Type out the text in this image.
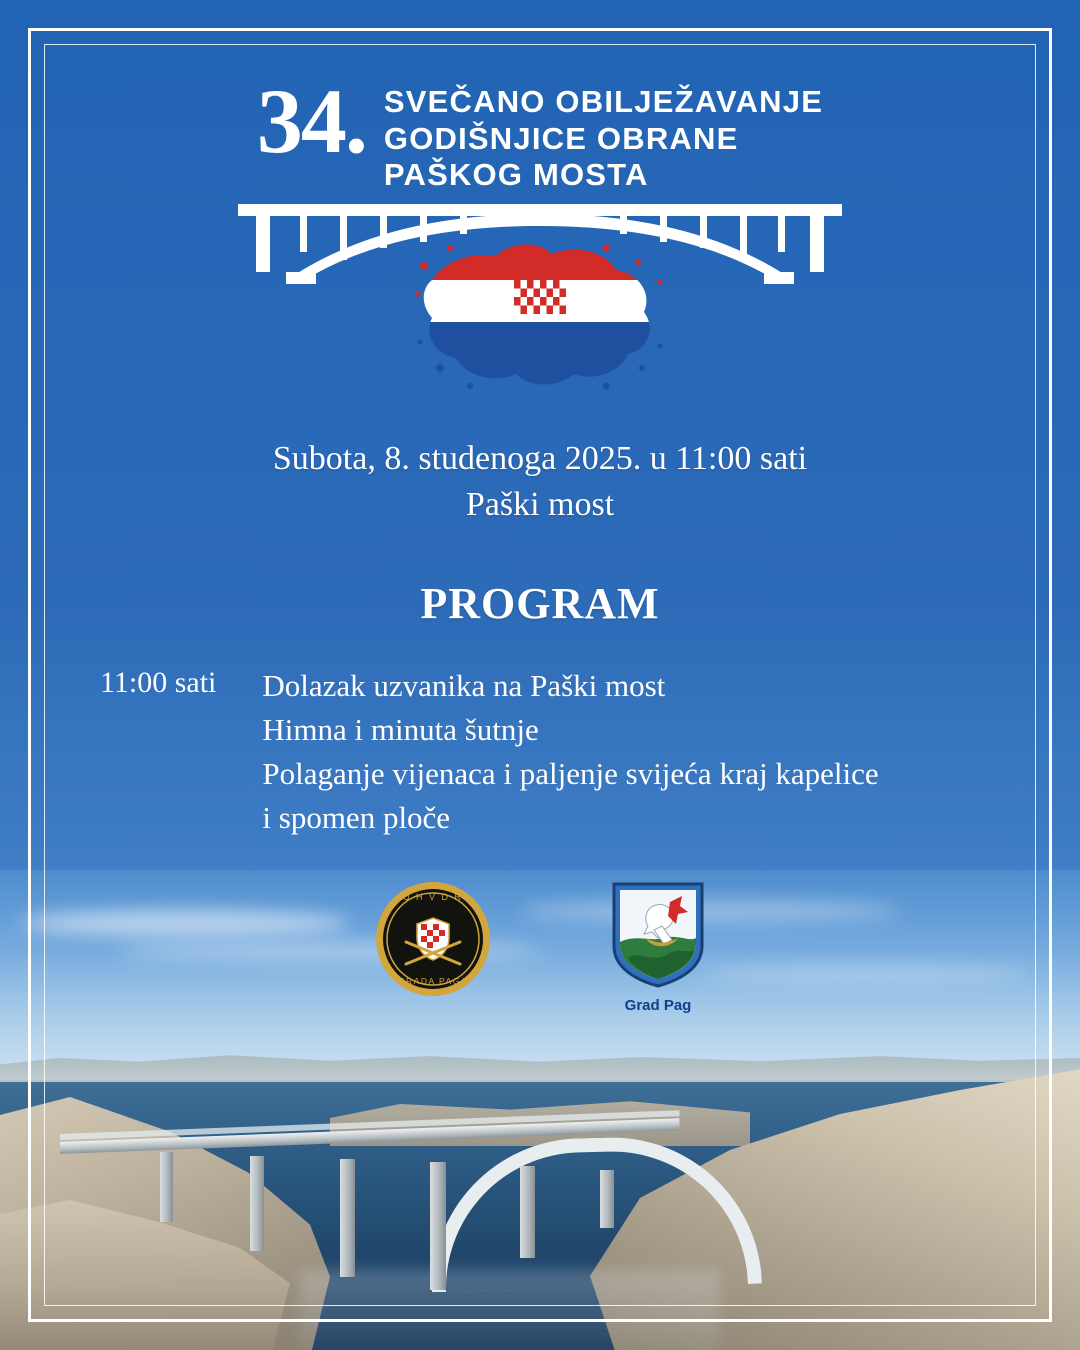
34. SVEČANO OBILJEŽAVANJE
GODIŠNJICE OBRANE
PAŠKOG MOSTA
Subota, 8. studenoga 2025. u 11:00 sati
Paški most
PROGRAM
11:00 sati Dolazak uzvanika na Paški most
Himna i minuta šutnje
Polaganje vijenaca i paljenje svijeća kraj kapelice
i spomen ploče
U H V D R
GRADA PAGA
Grad Pag
